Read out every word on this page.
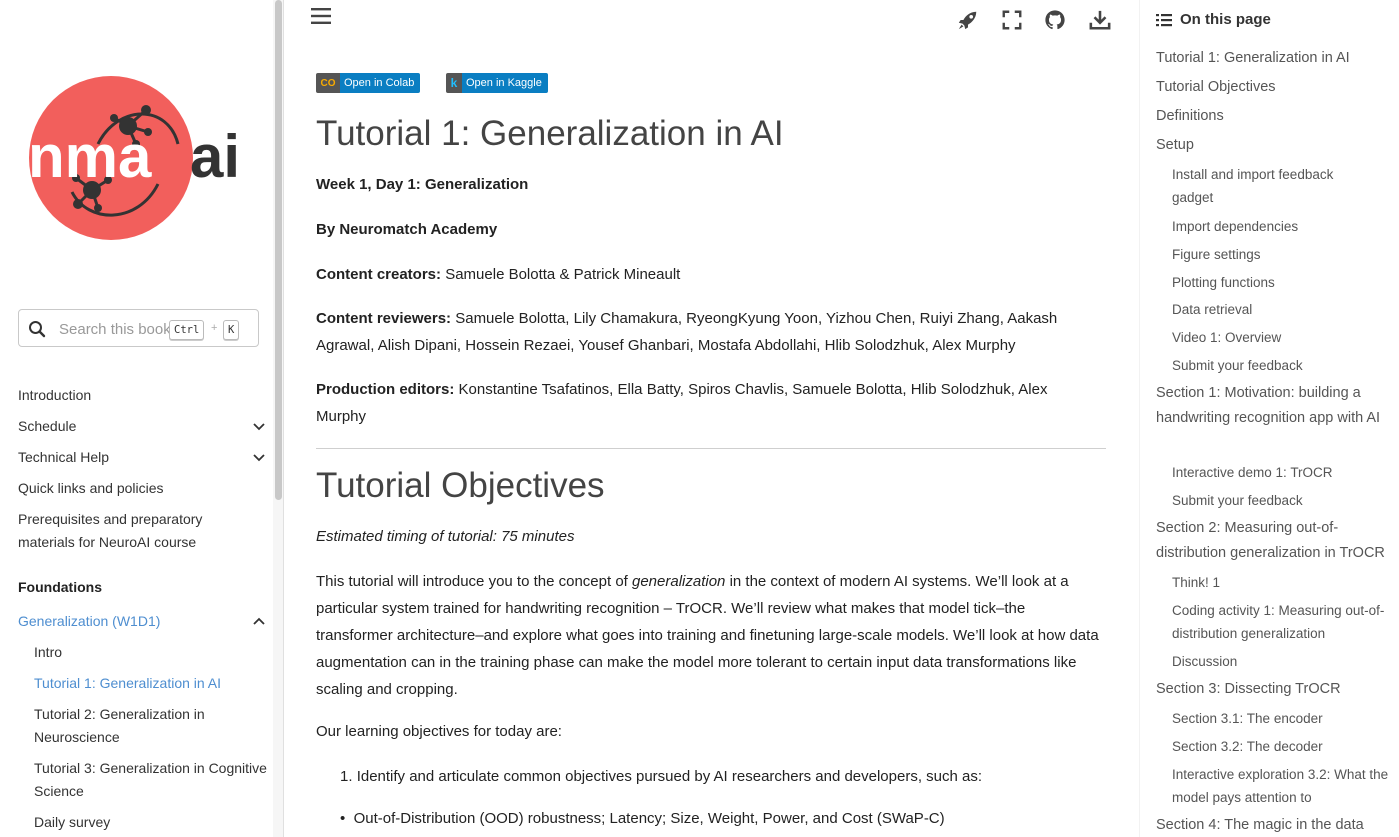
nma ai
Search this book...
Ctrl	+	K
Introduction
Schedule
Technical Help
Quick links and policies
Prerequisites and preparatory materials for NeuroAI course
Foundations
Generalization (W1D1)
Intro
Tutorial 1: Generalization in AI
Tutorial 2: Generalization in Neuroscience
Tutorial 3: Generalization in Cognitive Science
Daily survey
CO Open in Colab	k Open in Kaggle
Tutorial 1: Generalization in AI

Week 1, Day 1: Generalization

By Neuromatch Academy

Content creators: Samuele Bolotta & Patrick Mineault

Content reviewers: Samuele Bolotta, Lily Chamakura, RyeongKyung Yoon, Yizhou Chen, Ruiyi Zhang, Aakash Agrawal, Alish Dipani, Hossein Rezaei, Yousef Ghanbari, Mostafa Abdollahi, Hlib Solodzhuk, Alex Murphy

Production editors: Konstantine Tsafatinos, Ella Batty, Spiros Chavlis, Samuele Bolotta, Hlib Solodzhuk, Alex Murphy

Tutorial Objectives

Estimated timing of tutorial: 75 minutes

This tutorial will introduce you to the concept of generalization in the context of modern AI systems. We’ll look at a particular system trained for handwriting recognition – TrOCR. We’ll review what makes that model tick–the transformer architecture–and explore what goes into training and finetuning large-scale models. We’ll look at how data augmentation can in the training phase can make the model more tolerant to certain input data transformations like scaling and cropping.

Our learning objectives for today are:

1. Identify and articulate common objectives pursued by AI researchers and developers, such as:

•  Out-of-Distribution (OOD) robustness; Latency; Size, Weight, Power, and Cost (SWaP-C)

On this page
Tutorial 1: Generalization in AI
Tutorial Objectives
Definitions
Setup
Install and import feedback gadget
Import dependencies
Figure settings
Plotting functions
Data retrieval
Video 1: Overview
Submit your feedback
Section 1: Motivation: building a handwriting recognition app with AI
Interactive demo 1: TrOCR
Submit your feedback
Section 2: Measuring out-of-distribution generalization in TrOCR
Think! 1
Coding activity 1: Measuring out-of-distribution generalization
Discussion
Section 3: Dissecting TrOCR
Section 3.1: The encoder
Section 3.2: The decoder
Interactive exploration 3.2: What the model pays attention to
Section 4: The magic in the data
